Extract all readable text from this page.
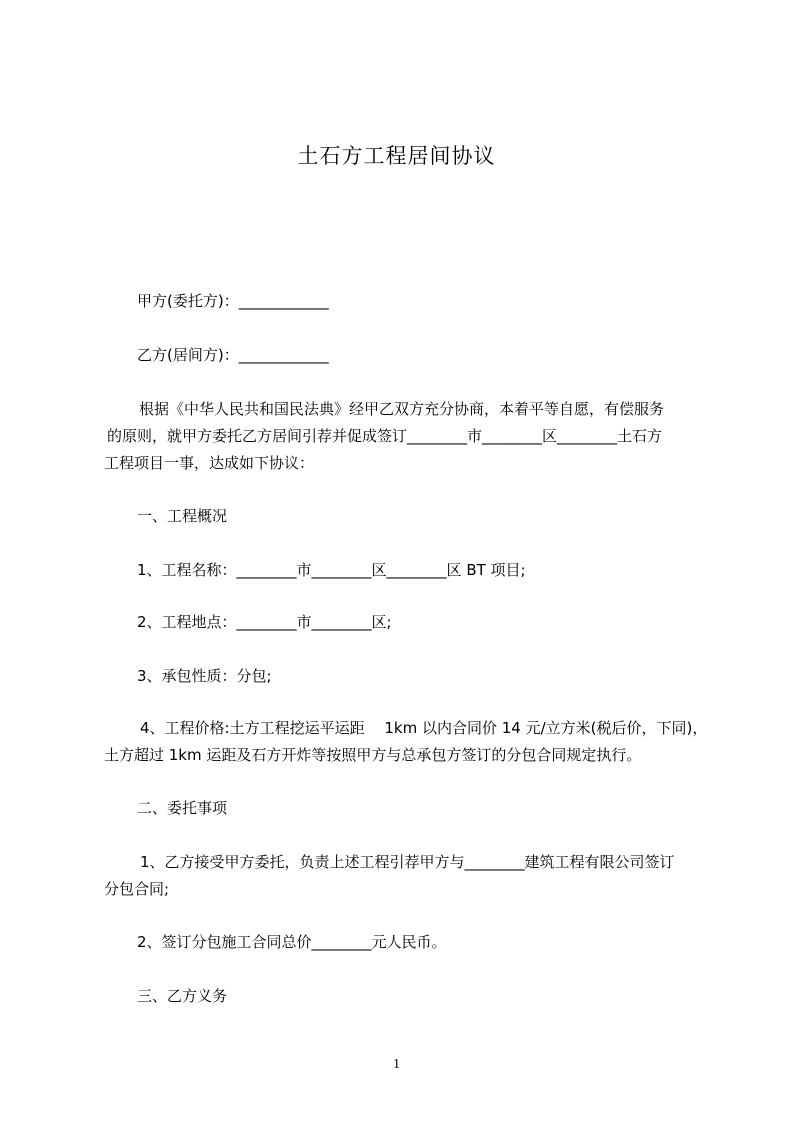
土石方工程居间协议
甲方(委托方)：____________
乙方(居间方)：____________
根据《中华人民共和国民法典》经甲乙双方充分协商，本着平等自愿，有偿服务
的原则，就甲方委托乙方居间引荐并促成签订________市________区________土石方
工程项目一事，达成如下协议：
一、工程概况
1、工程名称：________市________区________区 BT 项目;
2、工程地点：________市________区;
3、承包性质：分包;
4、工程价格:土方工程挖运平运距　 1km 以内合同价 14 元/立方米(税后价，下同)，
土方超过 1km 运距及石方开炸等按照甲方与总承包方签订的分包合同规定执行。
二、委托事项
1、乙方接受甲方委托，负责上述工程引荐甲方与________建筑工程有限公司签订
分包合同;
2、签订分包施工合同总价________元人民币。
三、乙方义务
1
